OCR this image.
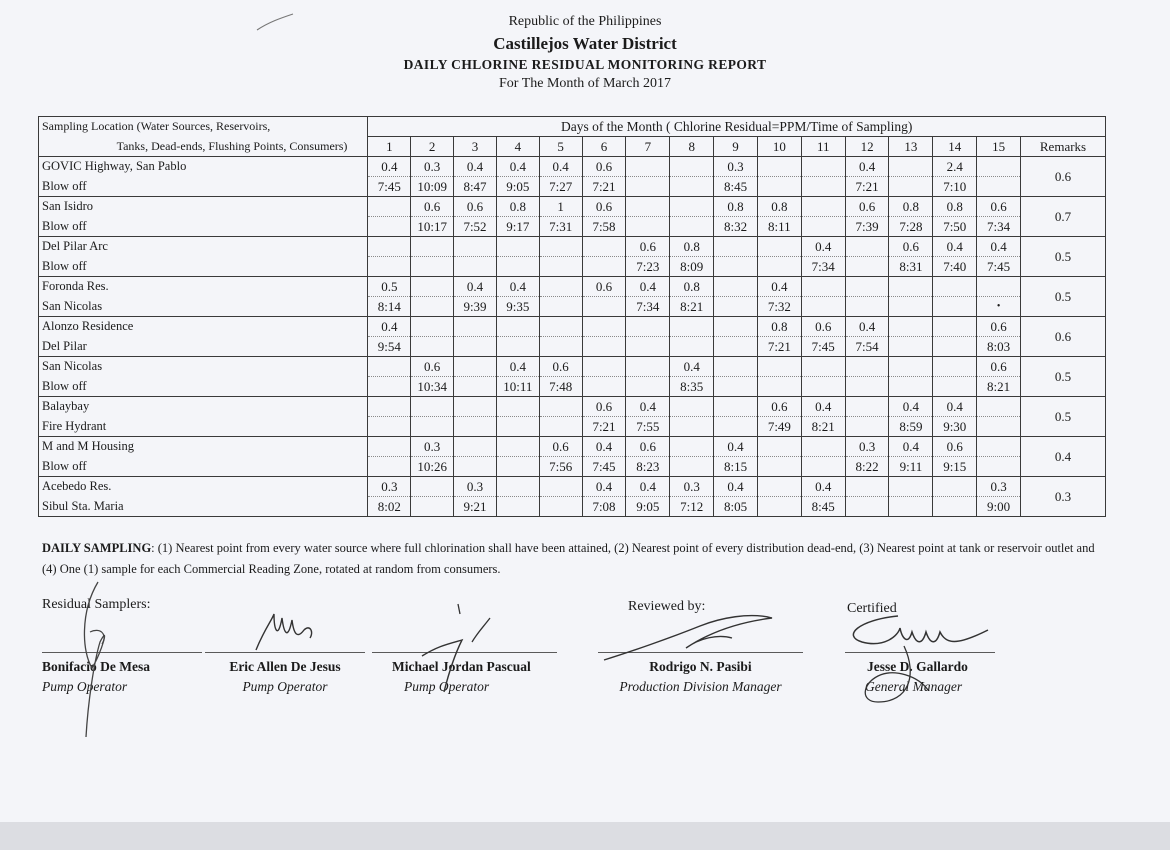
Republic of the Philippines
Castillejos Water District
DAILY CHLORINE RESIDUAL MONITORING REPORT
For The Month of March 2017
Sampling Location (Water Sources, Reservoirs,	Days of the Month ( Chlorine Residual=PPM/Time of Sampling)															
Tanks, Dead-ends, Flushing Points, Consumers)	1	2	3	4	5	6	7	8	9	10	11	12	13	14	15	Remarks
GOVIC Highway, San Pablo	0.4	0.3	0.4	0.4	0.4	0.6			0.3			0.4		2.4		0.6
Blow off	7:45	10:09	8:47	9:05	7:27	7:21			8:45			7:21		7:10		
San Isidro		0.6	0.6	0.8	1	0.6			0.8	0.8		0.6	0.8	0.8	0.6	0.7
Blow off		10:17	7:52	9:17	7:31	7:58			8:32	8:11		7:39	7:28	7:50	7:34	
Del Pilar Arc							0.6	0.8			0.4		0.6	0.4	0.4	0.5
Blow off							7:23	8:09			7:34		8:31	7:40	7:45	
Foronda Res.	0.5		0.4	0.4		0.6	0.4	0.8		0.4						0.5
San Nicolas	8:14		9:39	9:35			7:34	8:21		7:32					•	
Alonzo Residence	0.4									0.8	0.6	0.4			0.6	0.6
Del Pilar	9:54									7:21	7:45	7:54			8:03	
San Nicolas		0.6		0.4	0.6			0.4							0.6	0.5
Blow off		10:34		10:11	7:48			8:35							8:21	
Balaybay						0.6	0.4			0.6	0.4		0.4	0.4		0.5
Fire Hydrant						7:21	7:55			7:49	8:21		8:59	9:30		
M and M Housing		0.3			0.6	0.4	0.6		0.4			0.3	0.4	0.6		0.4
Blow off		10:26			7:56	7:45	8:23		8:15			8:22	9:11	9:15		
Acebedo Res.	0.3		0.3			0.4	0.4	0.3	0.4		0.4				0.3	0.3
Sibul Sta. Maria	8:02		9:21			7:08	9:05	7:12	8:05		8:45				9:00	
DAILY SAMPLING: (1) Nearest point from every water source where full chlorination shall have been attained, (2) Nearest point of every distribution dead-end, (3) Nearest point at tank or reservoir outlet and (4) One (1) sample for each Commercial Reading Zone, rotated at random from consumers.
Residual Samplers:	Reviewed by:	Certified
Bonifacio De Mesa
Pump Operator
Eric Allen De Jesus
Pump Operator
Michael Jordan Pascual
Pump Operator
Rodrigo N. Pasibi
Production Division Manager
Jesse D. Gallardo
General Manager
